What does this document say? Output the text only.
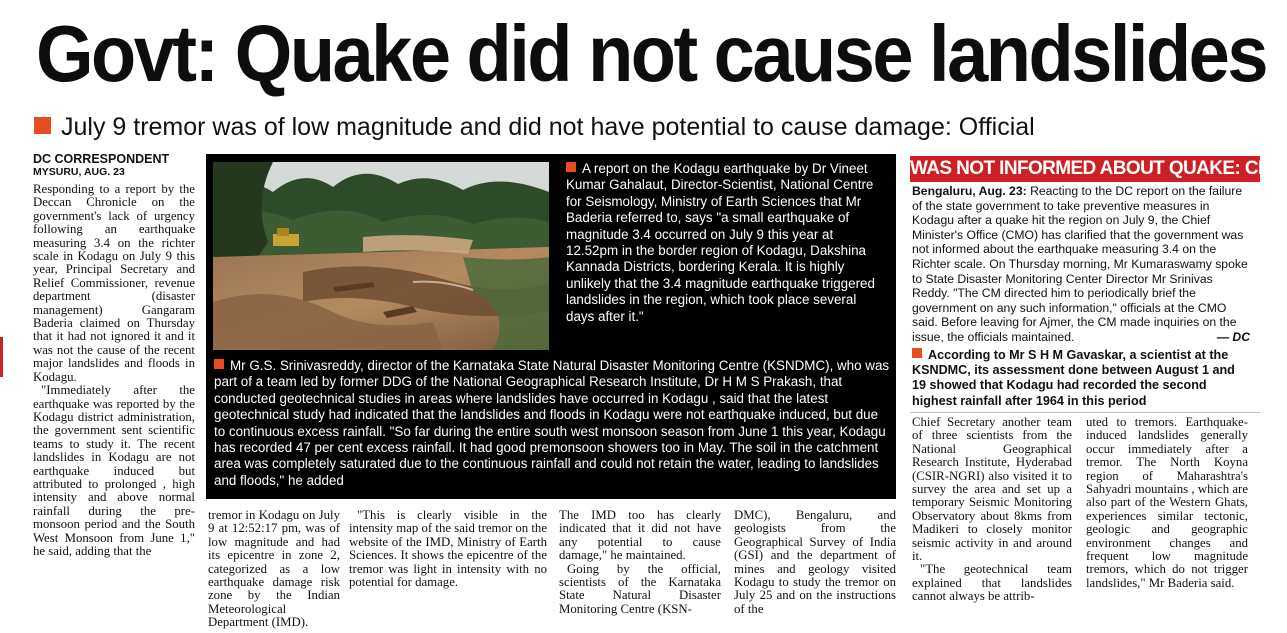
Govt: Quake did not cause landslides
July 9 tremor was of low magnitude and did not have potential to cause damage: Official
DC CORRESPONDENT
MYSURU, AUG. 23

Responding to a report by the Deccan Chronicle on the government's lack of urgency following an earthquake measuring 3.4 on the richter scale in Kodagu on July 9 this year, Principal Secretary and Relief Commissioner, revenue department (disaster management) Gangaram Baderia claimed on Thursday that it had not ignored it and it was not the cause of the recent major landslides and floods in Kodagu.

"Immediately after the earthquake was reported by the Kodagu district administration, the government sent scientific teams to study it. The recent landslides in Kodagu are not earthquake induced but attributed to prolonged , high intensity and above normal rainfall during the pre- monsoon period and the South West Monsoon from June 1," he said, adding that the

A report on the Kodagu earthquake by Dr Vineet Kumar Gahalaut, Director-Scientist, National Centre for Seismology, Ministry of Earth Sciences that Mr Baderia referred to, says "a small earthquake of magnitude 3.4 occurred on July 9 this year at 12.52pm in the border region of Kodagu, Dakshina Kannada Districts, bordering Kerala. It is highly unlikely that the 3.4 magnitude earthquake triggered landslides in the region, which took place several days after it."
Mr G.S. Srinivasreddy, director of the Karnataka State Natural Disaster Monitoring Centre (KSNDMC), who was part of a team led by former DDG of the National Geographical Research Institute, Dr H M S Prakash, that conducted geotechnical studies in areas where landslides have occurred in Kodagu , said that the latest geotechnical study had indicated that the landslides and floods in Kodagu were not earthquake induced, but due to continuous excess rainfall. "So far during the entire south west monsoon season from June 1 this year, Kodagu has recorded 47 per cent excess rainfall. It had good premonsoon showers too in May. The soil in the catchment area was completely saturated due to the continuous rainfall and could not retain the water, leading to landslides and floods," he added

tremor in Kodagu on July 9 at 12:52:17 pm, was of low magnitude and had its epicentre in zone 2, categorized as a low earthquake damage risk zone by the Indian Meteorological Department (IMD).

"This is clearly visible in the intensity map of the said tremor on the website of the IMD, Ministry of Earth Sciences. It shows the epicentre of the tremor was light in intensity with no potential for damage.

The IMD too has clearly indicated that it did not have any potential to cause damage," he maintained.

Going by the official, scientists of the Karnataka State Natural Disaster Monitoring Centre (KSN-

DMC), Bengaluru, and geologists from the Geographical Survey of India (GSI) and the department of mines and geology visited Kodagu to study the tremor on July 25 and on the instructions of the

WAS NOT INFORMED ABOUT QUAKE: CMO
Bengaluru, Aug. 23: Reacting to the DC report on the failure of the state government to take preventive measures in Kodagu after a quake hit the region on July 9, the Chief Minister's Office (CMO) has clarified that the government was not informed about the earthquake measuring 3.4 on the Richter scale. On Thursday morning, Mr Kumaraswamy spoke to State Disaster Monitoring Center Director Mr Srinivas Reddy. "The CM directed him to periodically brief the government on any such information," officials at the CMO said. Before leaving for Ajmer, the CM made inquiries on the issue, the officials maintained.	— DC
According to Mr S H M Gavaskar, a scientist at the KSNDMC, its assessment done between August 1 and 19 showed that Kodagu had recorded the second highest rainfall after 1964 in this period

Chief Secretary another team of three scientists from the National Geographical Research Institute, Hyderabad (CSIR-NGRI) also visited it to survey the area and set up a temporary Seismic Monitoring Observatory about 8kms from Madikeri to closely monitor seismic activity in and around it.

"The geotechnical team explained that landslides cannot always be attrib-

uted to tremors. Earthquake- induced landslides generally occur immediately after a tremor. The North Koyna region of Maharashtra's Sahyadri mountains , which are also part of the Western Ghats, experiences similar tectonic, geologic and geographic environment changes and frequent low magnitude tremors, which do not trigger landslides," Mr Baderia said.
